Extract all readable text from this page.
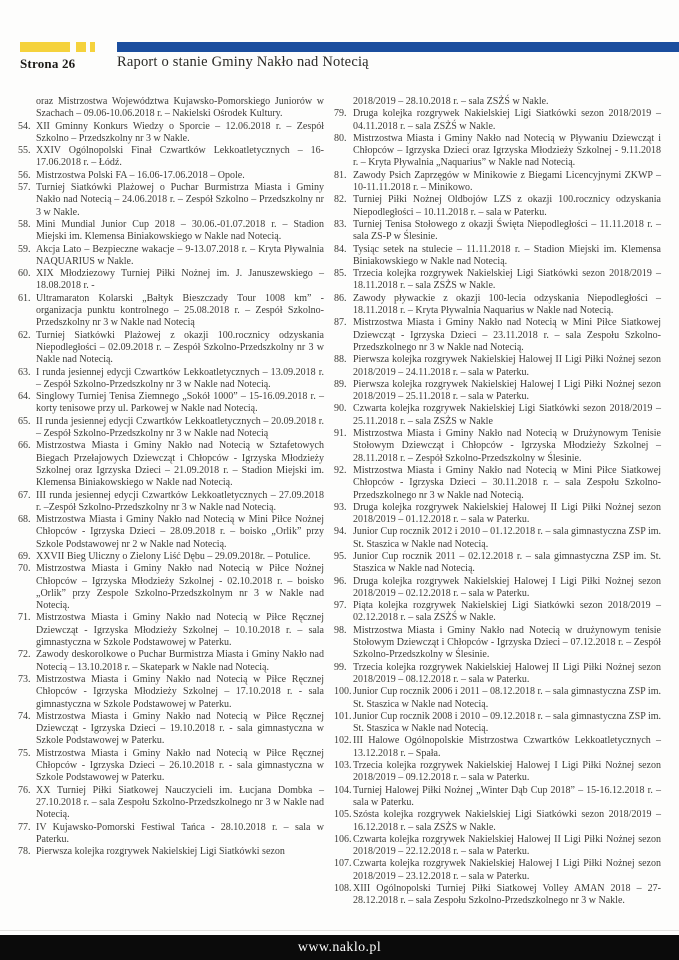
Strona 26	Raport o stanie Gminy Nakło nad Notecią
oraz Mistrzostwa Województwa Kujawsko-Pomorskiego Juniorów w Szachach – 09.06-10.06.2018 r. – Nakielski Ośrodek Kultury.
54. XII Gminny Konkurs Wiedzy o Sporcie – 12.06.2018 r. – Zespół Szkolno – Przedszkolny nr 3 w Nakle.
55. XXIV Ogólnopolski Finał Czwartków Lekkoatletycznych – 16-17.06.2018 r. – Łódź.
56. Mistrzostwa Polski FA – 16.06-17.06.2018 – Opole.
57. Turniej Siatkówki Plażowej o Puchar Burmistrza Miasta i Gminy Nakło nad Notecią – 24.06.2018 r. – Zespół Szkolno – Przedszkolny nr 3 w Nakle.
58. Mini Mundial Junior Cup 2018 – 30.06.-01.07.2018 r. – Stadion Miejski im. Klemensa Biniakowskiego w Nakle nad Notecią.
59. Akcja Lato – Bezpieczne wakacje – 9-13.07.2018 r. – Kryta Pływalnia NAQUARIUS w Nakle.
60. XIX Młodziezowy Turniej Piłki Nożnej im. J. Januszewskiego – 18.08.2018 r. -
61. Ultramaraton Kolarski „Bałtyk Bieszczady Tour 1008 km” - organizacja punktu kontrolnego – 25.08.2018 r. – Zespół Szkolno-Przedszkolny nr 3 w Nakle nad Notecią
62. Turniej Siatkówki Plażowej z okazji 100.rocznicy odzyskania Niepodległości – 02.09.2018 r. – Zespół Szkolno-Przedszkolny nr 3 w Nakle nad Notecią.
63. I runda jesiennej edycji Czwartków Lekkoatletycznych – 13.09.2018 r. – Zespół Szkolno-Przedszkolny nr 3 w Nakle nad Notecią.
64. Singlowy Turniej Tenisa Ziemnego „Sokół 1000” – 15-16.09.2018 r. – korty tenisowe przy ul. Parkowej w Nakle nad Notecią.
65. II runda jesiennej edycji Czwartków Lekkoatletycznych – 20.09.2018 r. – Zespół Szkolno-Przedszkolny nr 3 w Nakle nad Notecią
66. Mistrzostwa Miasta i Gminy Nakło nad Notecią w Sztafetowych Biegach Przełajowych Dziewcząt i Chłopców - Igrzyska Młodzieży Szkolnej oraz Igrzyska Dzieci – 21.09.2018 r. – Stadion Miejski im. Klemensa Biniakowskiego w Nakle nad Notecią.
67. III runda jesiennej edycji Czwartków Lekkoatletycznych – 27.09.2018 r. –Zespół Szkolno-Przedszkolny nr 3 w Nakle nad Notecią.
68. Mistrzostwa Miasta i Gminy Nakło nad Notecią w Mini Piłce Nożnej Chłopców - Igrzyska Dzieci – 28.09.2018 r. – boisko „Orlik” przy Szkole Podstawowej nr 2 w Nakle nad Notecią.
69. XXVII Bieg Uliczny o Zielony Liść Dębu – 29.09.2018r. – Potulice.
70. Mistrzostwa Miasta i Gminy Nakło nad Notecią w Piłce Nożnej Chłopców – Igrzyska Młodzieży Szkolnej - 02.10.2018 r. – boisko „Orlik” przy Zespole Szkolno-Przedszkolnym nr 3 w Nakle nad Notecią.
71. Mistrzostwa Miasta i Gminy Nakło nad Notecią w Piłce Ręcznej Dziewcząt - Igrzyska Młodzieży Szkolnej – 10.10.2018 r. – sala gimnastyczna w Szkole Podstawowej w Paterku.
72. Zawody deskorolkowe o Puchar Burmistrza Miasta i Gminy Nakło nad Notecią – 13.10.2018 r. – Skatepark w Nakle nad Notecią.
73. Mistrzostwa Miasta i Gminy Nakło nad Notecią w Piłce Ręcznej Chłopców - Igrzyska Młodzieży Szkolnej – 17.10.2018 r. - sala gimnastyczna w Szkole Podstawowej w Paterku.
74. Mistrzostwa Miasta i Gminy Nakło nad Notecią w Piłce Ręcznej Dziewcząt - Igrzyska Dzieci – 19.10.2018 r. - sala gimnastyczna w Szkole Podstawowej w Paterku.
75. Mistrzostwa Miasta i Gminy Nakło nad Notecią w Piłce Ręcznej Chłopców - Igrzyska Dzieci – 26.10.2018 r. - sala gimnastyczna w Szkole Podstawowej w Paterku.
76. XX Turniej Piłki Siatkowej Nauczycieli im. Łucjana Dombka – 27.10.2018 r. – sala Zespołu Szkolno-Przedszkolnego nr 3 w Nakle nad Notecią.
77. IV Kujawsko-Pomorski Festiwal Tańca - 28.10.2018 r. – sala w Paterku.
78. Pierwsza kolejka rozgrywek Nakielskiej Ligi Siatkówki sezon
2018/2019 – 28.10.2018 r. – sala ZSŻŚ w Nakle.
79. Druga kolejka rozgrywek Nakielskiej Ligi Siatkówki sezon 2018/2019 – 04.11.2018 r. – sala ZSŻŚ w Nakle.
80. Mistrzostwa Miasta i Gminy Nakło nad Notecią w Pływaniu Dziewcząt i Chłopców – Igrzyska Dzieci oraz Igrzyska Młodzieży Szkolnej - 9.11.2018 r. – Kryta Pływalnia „Naquarius” w Nakle nad Notecią.
81. Zawody Psich Zaprzęgów w Minikowie z Biegami Licencyjnymi ZKWP – 10-11.11.2018 r. – Minikowo.
82. Turniej Piłki Nożnej Oldbojów LZS z okazji 100.rocznicy odzyskania Niepodległości – 10.11.2018 r. – sala w Paterku.
83. Turniej Tenisa Stołowego z okazji Święta Niepodległości – 11.11.2018 r. – sala ZS-P w Ślesinie.
84. Tysiąc setek na stulecie – 11.11.2018 r. – Stadion Miejski im. Klemensa Biniakowskiego w Nakle nad Notecią.
85. Trzecia kolejka rozgrywek Nakielskiej Ligi Siatkówki sezon 2018/2019 – 18.11.2018 r. – sala ZSŻS w Nakle.
86. Zawody pływackie z okazji 100-lecia odzyskania Niepodległości – 18.11.2018 r. – Kryta Pływalnia Naquarius w Nakle nad Notecią.
87. Mistrzostwa Miasta i Gminy Nakło nad Notecią w Mini Piłce Siatkowej Dziewcząt - Igrzyska Dzieci – 23.11.2018 r. – sala Zespołu Szkolno-Przedszkolnego nr 3 w Nakle nad Notecią.
88. Pierwsza kolejka rozgrywek Nakielskiej Halowej II Ligi Piłki Nożnej sezon 2018/2019 – 24.11.2018 r. – sala w Paterku.
89. Pierwsza kolejka rozgrywek Nakielskiej Halowej I Ligi Piłki Nożnej sezon 2018/2019 – 25.11.2018 r. – sala w Paterku.
90. Czwarta kolejka rozgrywek Nakielskiej Ligi Siatkówki sezon 2018/2019 – 25.11.2018 r. – sala ZSŻS w Nakle
91. Mistrzostwa Miasta i Gminy Nakło nad Notecią w Drużynowym Tenisie Stołowym Dziewcząt i Chłopców - Igrzyska Młodzieży Szkolnej – 28.11.2018 r. – Zespół Szkolno-Przedszkolny w Ślesinie.
92. Mistrzostwa Miasta i Gminy Nakło nad Notecią w Mini Piłce Siatkowej Chłopców - Igrzyska Dzieci – 30.11.2018 r. – sala Zespołu Szkolno-Przedszkolnego nr 3 w Nakle nad Notecią.
93. Druga kolejka rozgrywek Nakielskiej Halowej II Ligi Piłki Nożnej sezon 2018/2019 – 01.12.2018 r. – sala w Paterku.
94. Junior Cup rocznik 2012 i 2010 – 01.12.2018 r. – sala gimnastyczna ZSP im. St. Staszica w Nakle nad Notecią.
95. Junior Cup rocznik 2011 – 02.12.2018 r. – sala gimnastyczna ZSP im. St. Staszica w Nakle nad Notecią.
96. Druga kolejka rozgrywek Nakielskiej Halowej I Ligi Piłki Nożnej sezon 2018/2019 – 02.12.2018 r. – sala w Paterku.
97. Piąta kolejka rozgrywek Nakielskiej Ligi Siatkówki sezon 2018/2019 – 02.12.2018 r. – sala ZSŻŚ w Nakle.
98. Mistrzostwa Miasta i Gminy Nakło nad Notecią w drużynowym tenisie Stołowym Dziewcząt i Chłopców - Igrzyska Dzieci – 07.12.2018 r. – Zespół Szkolno-Przedszkolny w Ślesinie.
99. Trzecia kolejka rozgrywek Nakielskiej Halowej II Ligi Piłki Nożnej sezon 2018/2019 – 08.12.2018 r. – sala w Paterku.
100. Junior Cup rocznik 2006 i 2011 – 08.12.2018 r. – sala gimnastyczna ZSP im. St. Staszica w Nakle nad Notecią.
101. Junior Cup rocznik 2008 i 2010 – 09.12.2018 r. – sala gimnastyczna ZSP im. St. Staszica w Nakle nad Notecią.
102. III Halowe Ogólnopolskie Mistrzostwa Czwartków Lekkoatletycznych – 13.12.2018 r. – Spała.
103. Trzecia kolejka rozgrywek Nakielskiej Halowej I Ligi Piłki Nożnej sezon 2018/2019 – 09.12.2018 r. – sala w Paterku.
104. Turniej Halowej Piłki Nożnej „Winter Dąb Cup 2018” – 15-16.12.2018 r. – sala w Paterku.
105. Szósta kolejka rozgrywek Nakielskiej Ligi Siatkówki sezon 2018/2019 – 16.12.2018 r. – sala ZSŻS w Nakle.
106. Czwarta kolejka rozgrywek Nakielskiej Halowej II Ligi Piłki Nożnej sezon 2018/2019 – 22.12.2018 r. – sala w Paterku.
107. Czwarta kolejka rozgrywek Nakielskiej Halowej I Ligi Piłki Nożnej sezon 2018/2019 – 23.12.2018 r. – sala w Paterku.
108. XIII Ogólnopolski Turniej Piłki Siatkowej Volley AMAN 2018 – 27-28.12.2018 r. – sala Zespołu Szkolno-Przedszkolnego nr 3 w Nakle.
www.naklo.pl
